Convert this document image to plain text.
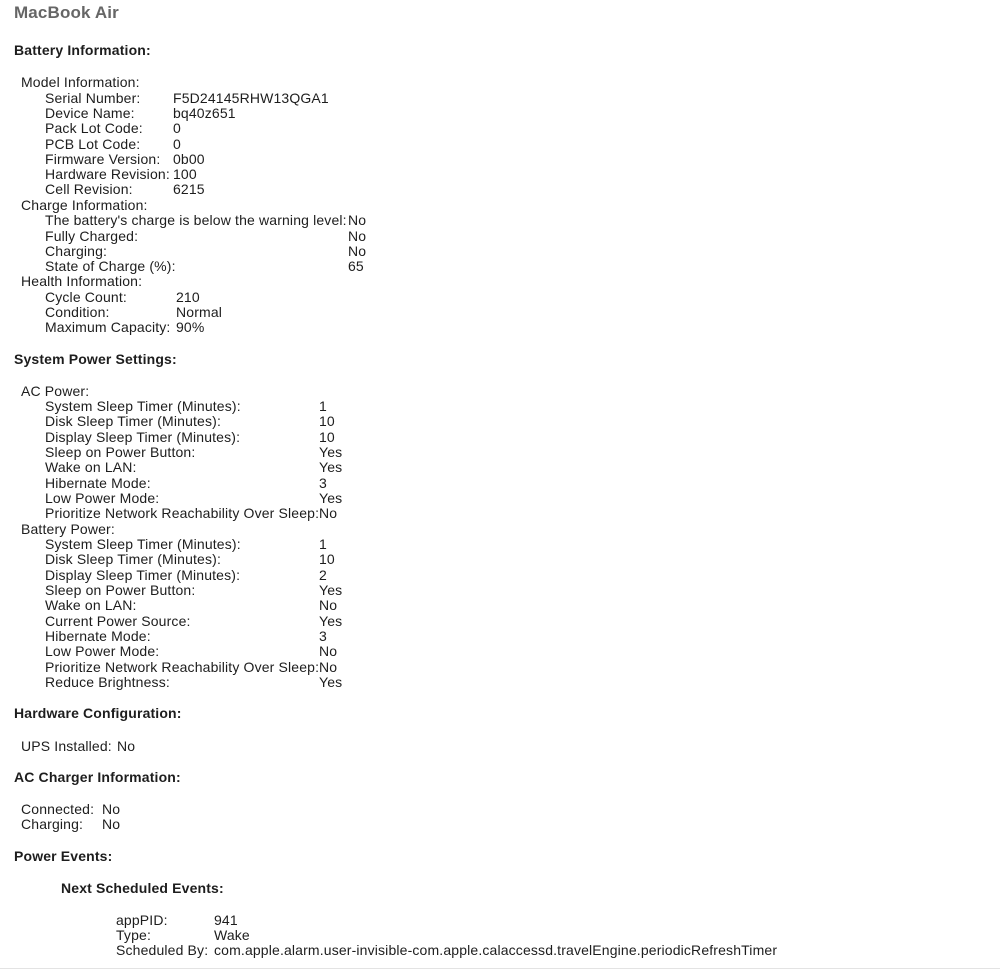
MacBook Air
Battery Information:
Model Information:
Serial Number: F5D24145RHW13QGA1
Device Name:	bq40z651
Pack Lot Code: 0
PCB Lot Code: 0
Firmware Version: 0b00
Hardware Revision: 100
Cell Revision:	6215
Charge Information:
The battery's charge is below the warning level: No
Fully Charged:	No
Charging:	No
State of Charge (%):	65
Health Information:
Cycle Count:	210
Condition:	Normal
Maximum Capacity: 90%
System Power Settings:
AC Power:
System Sleep Timer (Minutes):	1
Disk Sleep Timer (Minutes):	10
Display Sleep Timer (Minutes):	10
Sleep on Power Button:	Yes
Wake on LAN:	Yes
Hibernate Mode:	3
Low Power Mode:	Yes
Prioritize Network Reachability Over Sleep: No
Battery Power:
System Sleep Timer (Minutes):	1
Disk Sleep Timer (Minutes):	10
Display Sleep Timer (Minutes):	2
Sleep on Power Button:	Yes
Wake on LAN:	No
Current Power Source:	Yes
Hibernate Mode:	3
Low Power Mode:	No
Prioritize Network Reachability Over Sleep: No
Reduce Brightness:	Yes
Hardware Configuration:
UPS Installed: No
AC Charger Information:
Connected: No
Charging: No
Power Events:
Next Scheduled Events:
appPID:	941
Type:	Wake
Scheduled By: com.apple.alarm.user-invisible-com.apple.calaccessd.travelEngine.periodicRefreshTimer
